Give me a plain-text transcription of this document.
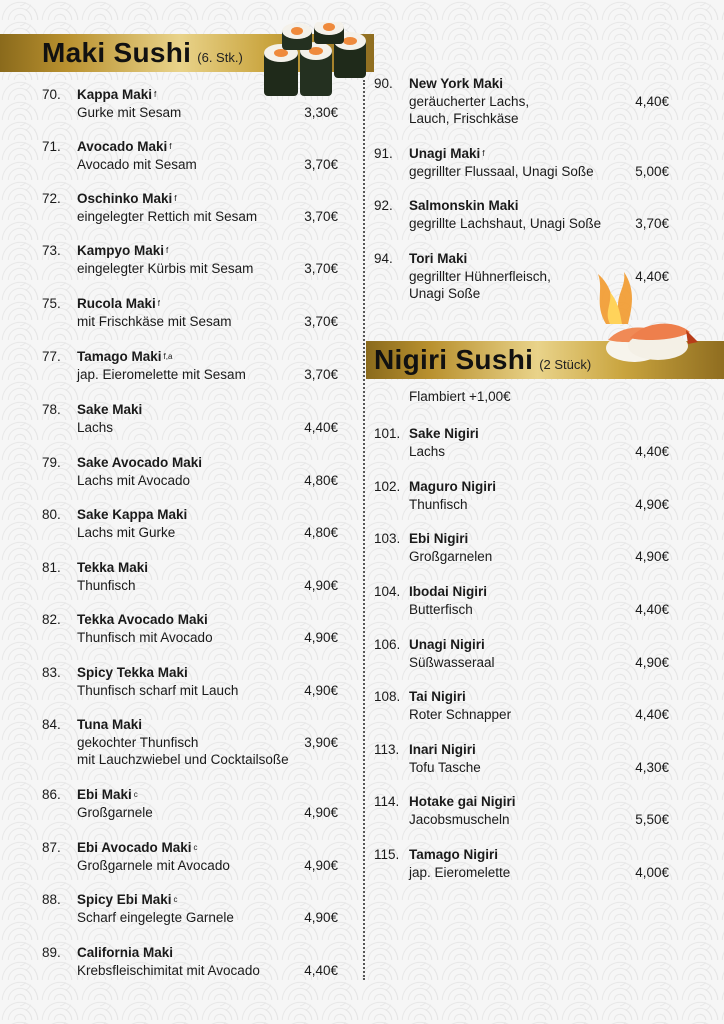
Maki Sushi (6. Stk.)
70. Kappa Maki $^f$
Gurke mit Sesam	3,30€
71. Avocado Maki $^f$
Avocado mit Sesam	3,70€
72. Oschinko Maki $^f$
eingelegter Rettich mit Sesam	3,70€
73. Kampyo Maki $^f$
eingelegter Kürbis mit Sesam	3,70€
75. Rucola Maki $^f$
mit Frischkäse mit Sesam	3,70€
77. Tamago Maki $^{f,a}$
jap. Eieromelette mit Sesam	3,70€
78. Sake Maki
Lachs	4,40€
79. Sake Avocado Maki
Lachs mit Avocado	4,80€
80. Sake Kappa Maki
Lachs mit Gurke	4,80€
81. Tekka Maki
Thunfisch	4,90€
82. Tekka Avocado Maki
Thunfisch mit Avocado	4,90€
83. Spicy Tekka Maki
Thunfisch scharf mit Lauch	4,90€
84. Tuna Maki
gekochter Thunfisch
mit Lauchzwiebel und Cocktailsoße
3,90€
86. Ebi Maki $^c$
Großgarnele	4,90€
87. Ebi Avocado Maki $^c$
Großgarnele mit Avocado	4,90€
88. Spicy Ebi Maki $^c$
Scharf eingelegte Garnele	4,90€
89. California Maki
Krebsfleischimitat mit Avocado	4,40€
90. New York Maki
geräucherter Lachs,
Lauch, Frischkäse
4,40€
91. Unagi Maki $^f$
gegrillter Flussaal, Unagi Soße	5,00€
92. Salmonskin Maki
gegrillte Lachshaut, Unagi Soße	3,70€
94. Tori Maki
gegrillter Hühnerfleisch,
Unagi Soße
4,40€
Nigiri Sushi (2 Stück)
Flambiert +1,00€
101. Sake Nigiri
Lachs	4,40€
102. Maguro Nigiri
Thunfisch	4,90€
103. Ebi Nigiri
Großgarnelen	4,90€
104. Ibodai Nigiri
Butterfisch	4,40€
106. Unagi Nigiri
Süßwasseraal	4,90€
108. Tai Nigiri
Roter Schnapper	4,40€
113. Inari Nigiri
Tofu Tasche	4,30€
114. Hotake gai Nigiri
Jacobsmuscheln	5,50€
115. Tamago Nigiri
jap. Eieromelette	4,00€
